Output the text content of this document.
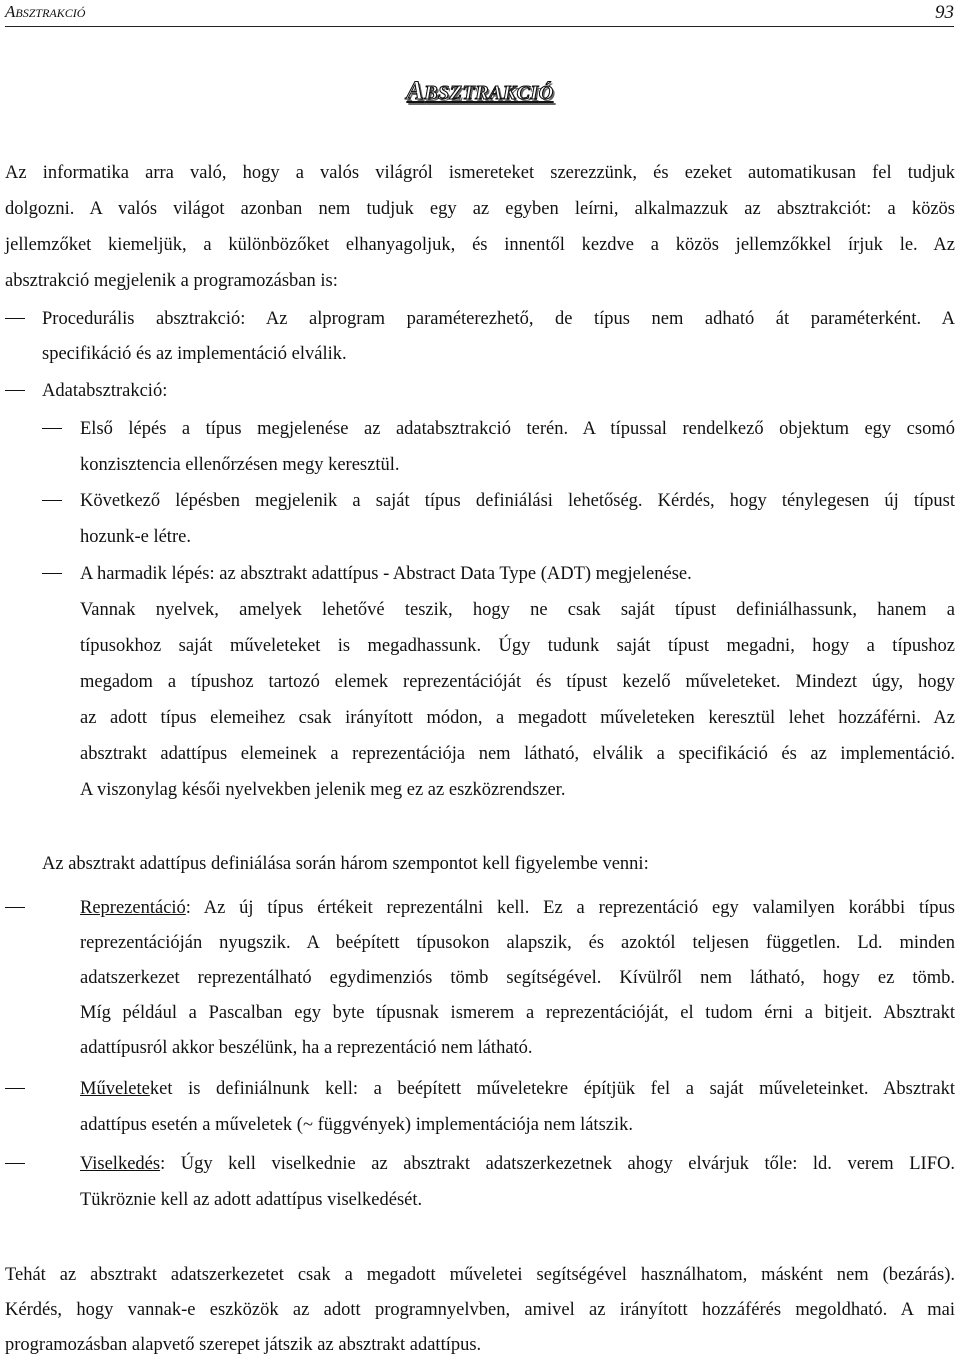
ABSZTRAKCIÓ	93
ABSZTRAKCIÓ
Az informatika arra való, hogy a valós világról ismereteket szerezzünk, és ezeket automatikusan fel tudjuk
dolgozni. A valós világot azonban nem tudjuk egy az egyben leírni, alkalmazzuk az absztrakciót: a közös
jellemzőket kiemeljük, a különbözőket elhanyagoljuk, és innentől kezdve a közös jellemzőkkel írjuk le. Az
absztrakció megjelenik a programozásban is:
Procedurális absztrakció: Az alprogram paraméterezhető, de típus nem adható át paraméterként. A
specifikáció és az implementáció elválik.
Adatabsztrakció:
Első lépés a típus megjelenése az adatabsztrakció terén. A típussal rendelkező objektum egy csomó
konzisztencia ellenőrzésen megy keresztül.
Következő lépésben megjelenik a saját típus definiálási lehetőség. Kérdés, hogy ténylegesen új típust
hozunk-e létre.
A harmadik lépés: az absztrakt adattípus - Abstract Data Type (ADT) megjelenése.
Vannak nyelvek, amelyek lehetővé teszik, hogy ne csak saját típust definiálhassunk, hanem a
típusokhoz saját műveleteket is megadhassunk. Úgy tudunk saját típust megadni, hogy a típushoz
megadom a típushoz tartozó elemek reprezentációját és típust kezelő műveleteket. Mindezt úgy, hogy
az adott típus elemeihez csak irányított módon, a megadott műveleteken keresztül lehet hozzáférni. Az
absztrakt adattípus elemeinek a reprezentációja nem látható, elválik a specifikáció és az implementáció.
A viszonylag késői nyelvekben jelenik meg ez az eszközrendszer.
Az absztrakt adattípus definiálása során három szempontot kell figyelembe venni:
Reprezentáció: Az új típus értékeit reprezentálni kell. Ez a reprezentáció egy valamilyen korábbi típus
reprezentációján nyugszik. A beépített típusokon alapszik, és azoktól teljesen független. Ld. minden
adatszerkezet reprezentálható egydimenziós tömb segítségével. Kívülről nem látható, hogy ez tömb.
Míg például a Pascalban egy byte típusnak ismerem a reprezentációját, el tudom érni a bitjeit. Absztrakt
adattípusról akkor beszélünk, ha a reprezentáció nem látható.
Műveleteket is definiálnunk kell: a beépített műveletekre építjük fel a saját műveleteinket. Absztrakt
adattípus esetén a műveletek (~ függvények) implementációja nem látszik.
Viselkedés: Úgy kell viselkednie az absztrakt adatszerkezetnek ahogy elvárjuk tőle: ld. verem LIFO.
Tükröznie kell az adott adattípus viselkedését.
Tehát az absztrakt adatszerkezetet csak a megadott műveletei segítségével használhatom, másként nem (bezárás).
Kérdés, hogy vannak-e eszközök az adott programnyelvben, amivel az irányított hozzáférés megoldható. A mai
programozásban alapvető szerepet játszik az absztrakt adattípus.
